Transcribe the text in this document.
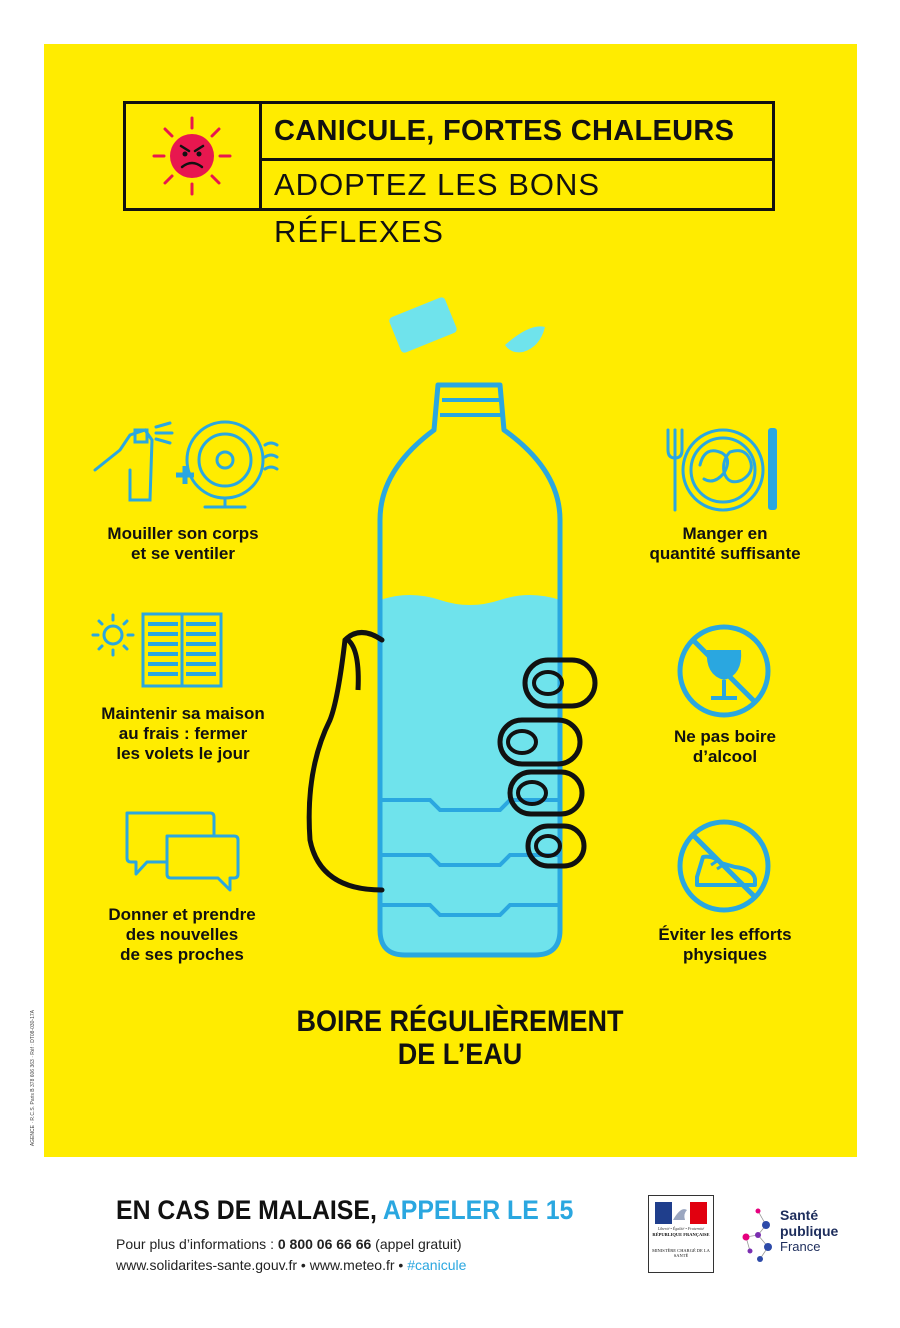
CANICULE, FORTES CHALEURS
ADOPTEZ LES BONS RÉFLEXES
Mouiller son corps
et se ventiler
Maintenir sa maison
au frais : fermer
les volets le jour
Donner et prendre
des nouvelles
de ses proches
Manger en
quantité suffisante
Ne pas boire
d’alcool
Éviter les efforts
physiques
BOIRE RÉGULIÈREMENT
DE L’EAU
AGENCE · R.C.S. Paris B 378 606 363 · Réf : DT08-030-17A
EN CAS DE MALAISE, APPELER LE 15
Pour plus d’informations : 0 800 06 66 66 (appel gratuit)
www.solidarites-sante.gouv.fr • www.meteo.fr • #canicule
Liberté • Égalité • Fraternité
RÉPUBLIQUE FRANÇAISE
MINISTÈRE CHARGÉ DE LA SANTÉ
Santé
publique
France
